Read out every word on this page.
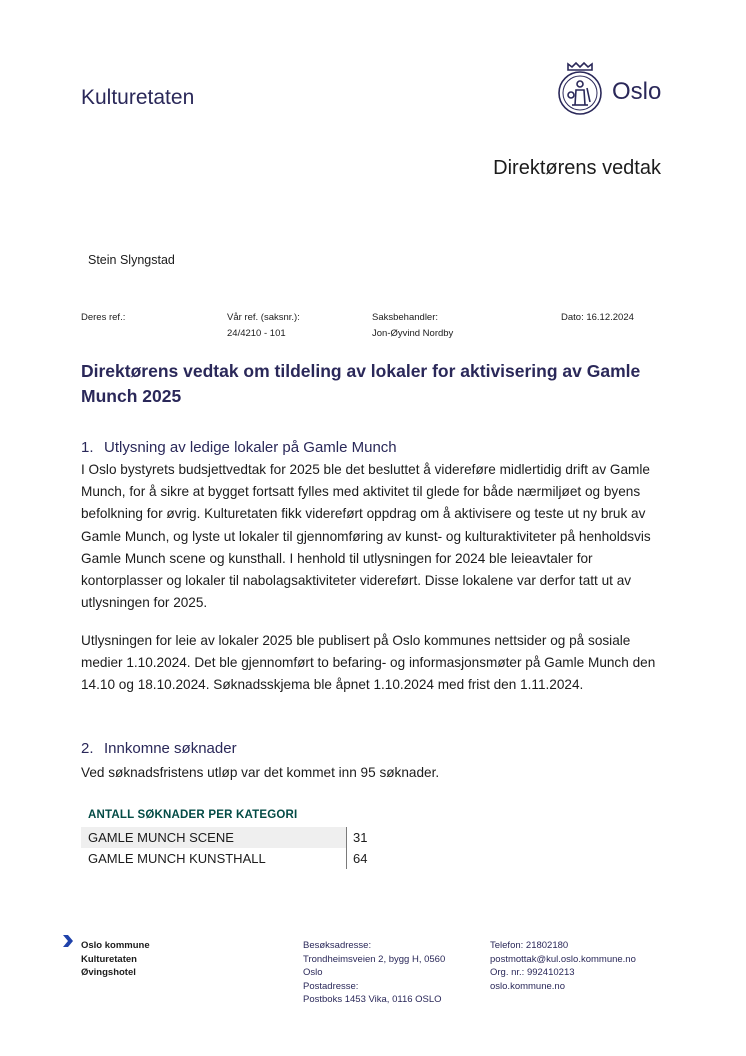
Kulturetaten	Oslo
Direktørens vedtak
Stein Slyngstad
Deres ref.:	Vår ref. (saksnr.):
24/4210 - 101
Saksbehandler:
Jon-Øyvind Nordby
Dato: 16.12.2024
Direktørens vedtak om tildeling av lokaler for aktivisering av Gamle Munch 2025
1. Utlysning av ledige lokaler på Gamle Munch
I Oslo bystyrets budsjettvedtak for 2025 ble det besluttet å videreføre midlertidig drift av Gamle Munch, for å sikre at bygget fortsatt fylles med aktivitet til glede for både nærmiljøet og byens befolkning for øvrig. Kulturetaten fikk videreført oppdrag om å aktivisere og teste ut ny bruk av Gamle Munch, og lyste ut lokaler til gjennomføring av kunst- og kulturaktiviteter på henholdsvis Gamle Munch scene og kunsthall. I henhold til utlysningen for 2024 ble leieavtaler for kontorplasser og lokaler til nabolagsaktiviteter videreført. Disse lokalene var derfor tatt ut av utlysningen for 2025.
Utlysningen for leie av lokaler 2025 ble publisert på Oslo kommunes nettsider og på sosiale medier 1.10.2024. Det ble gjennomført to befaring- og informasjonsmøter på Gamle Munch den 14.10 og 18.10.2024. Søknadsskjema ble åpnet 1.10.2024 med frist den 1.11.2024.
2. Innkomne søknader
Ved søknadsfristens utløp var det kommet inn 95 søknader.
ANTALL SØKNADER PER KATEGORI
GAMLE MUNCH SCENE	31
GAMLE MUNCH KUNSTHALL	64
Oslo kommune
Kulturetaten
Øvingshotel
Besøksadresse:
Trondheimsveien 2, bygg H, 0560
Oslo
Postadresse:
Postboks 1453 Vika, 0116 OSLO
Telefon: 21802180
postmottak@kul.oslo.kommune.no
Org. nr.: 992410213
oslo.kommune.no
